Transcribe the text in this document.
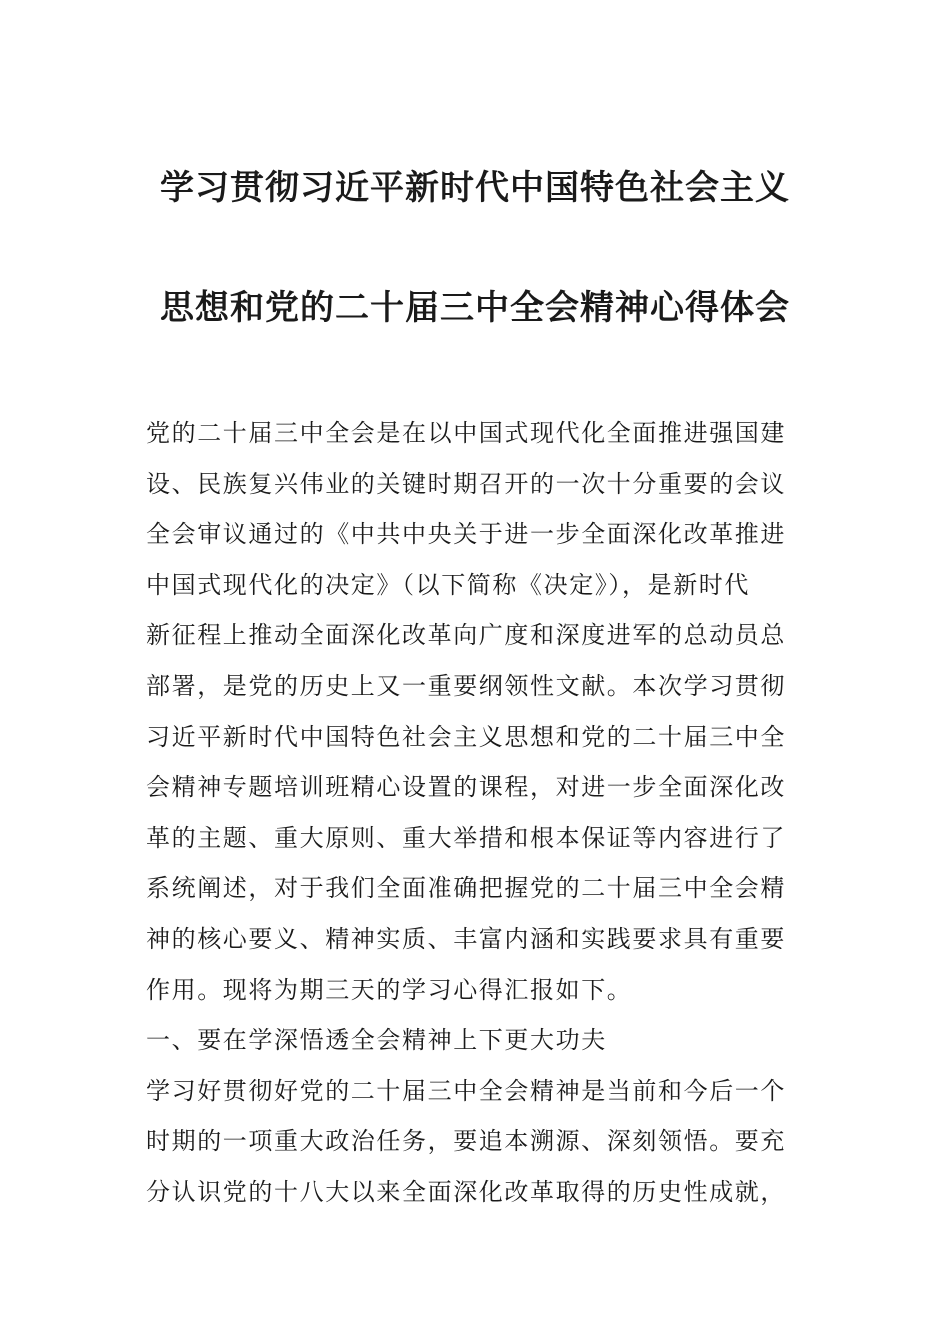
学习贯彻习近平新时代中国特色社会主义
思想和党的二十届三中全会精神心得体会
党的二十届三中全会是在以中国式现代化全面推进强国建
设、民族复兴伟业的关键时期召开的一次十分重要的会议
全会审议通过的《中共中央关于进一步全面深化改革推进
中国式现代化的决定》（以下简称《决定》），是新时代
新征程上推动全面深化改革向广度和深度进军的总动员总
部署，是党的历史上又一重要纲领性文献。本次学习贯彻
习近平新时代中国特色社会主义思想和党的二十届三中全
会精神专题培训班精心设置的课程，对进一步全面深化改
革的主题、重大原则、重大举措和根本保证等内容进行了
系统阐述，对于我们全面准确把握党的二十届三中全会精
神的核心要义、精神实质、丰富内涵和实践要求具有重要
作用。现将为期三天的学习心得汇报如下。
一、要在学深悟透全会精神上下更大功夫
学习好贯彻好党的二十届三中全会精神是当前和今后一个
时期的一项重大政治任务，要追本溯源、深刻领悟。要充
分认识党的十八大以来全面深化改革取得的历史性成就，
